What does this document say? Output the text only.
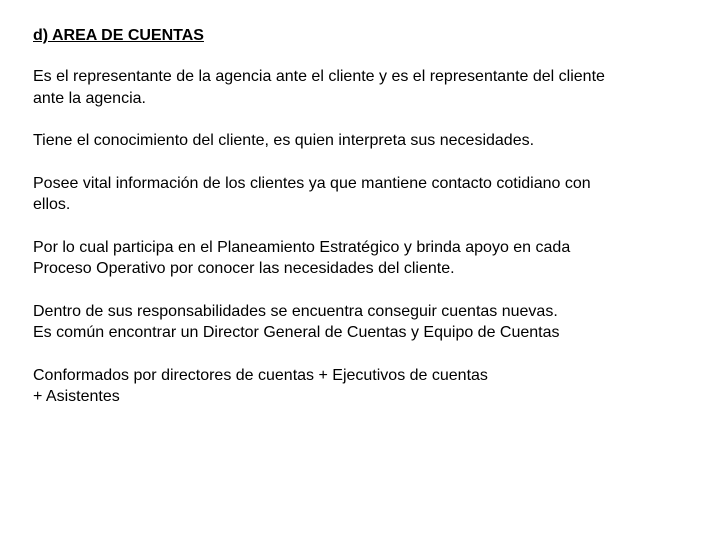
d) AREA DE CUENTAS
Es el representante de la agencia ante el cliente y es el representante del cliente
ante la agencia.
Tiene el conocimiento del cliente, es quien interpreta sus necesidades.
Posee vital información de los clientes ya que mantiene contacto cotidiano con
ellos.
Por lo cual participa en el Planeamiento Estratégico y brinda apoyo en cada
Proceso Operativo por conocer las necesidades del cliente.
Dentro de sus responsabilidades se encuentra conseguir cuentas nuevas.
Es común encontrar un Director General de Cuentas y Equipo de Cuentas
Conformados por directores de cuentas + Ejecutivos de cuentas
+ Asistentes
